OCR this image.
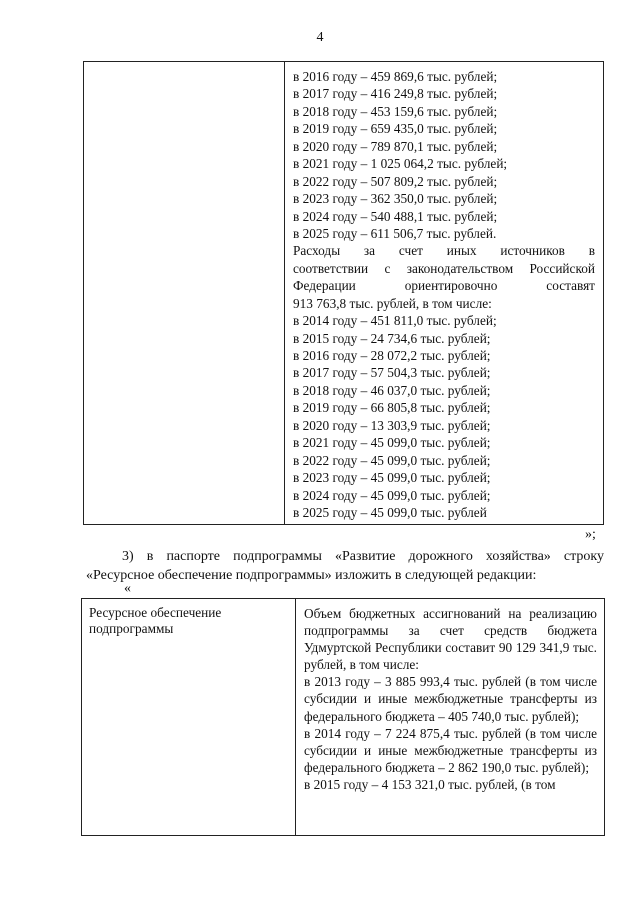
4

в 2016 году – 459 869,6 тыс. рублей;
в 2017 году – 416 249,8 тыс. рублей;
в 2018 году – 453 159,6 тыс. рублей;
в 2019 году – 659 435,0 тыс. рублей;
в 2020 году – 789 870,1 тыс. рублей;
в 2021 году – 1 025 064,2 тыс. рублей;
в 2022 году – 507 809,2 тыс. рублей;
в 2023 году – 362 350,0 тыс. рублей;
в 2024 году – 540 488,1 тыс. рублей;
в 2025 году – 611 506,7 тыс. рублей.
Расходы за счет иных источников в
соответствии с законодательством Российской
Федерации ориентировочно составят
913 763,8 тыс. рублей, в том числе:
в 2014 году – 451 811,0 тыс. рублей;
в 2015 году – 24 734,6 тыс. рублей;
в 2016 году – 28 072,2 тыс. рублей;
в 2017 году – 57 504,3 тыс. рублей;
в 2018 году – 46 037,0 тыс. рублей;
в 2019 году – 66 805,8 тыс. рублей;
в 2020 году – 13 303,9 тыс. рублей;
в 2021 году – 45 099,0 тыс. рублей;
в 2022 году – 45 099,0 тыс. рублей;
в 2023 году – 45 099,0 тыс. рублей;
в 2024 году – 45 099,0 тыс. рублей;
в 2025 году – 45 099,0 тыс. рублей
»;
3) в паспорте подпрограммы «Развитие дорожного хозяйства» строку «Ресурсное обеспечение подпрограммы» изложить в следующей редакции:
«
Ресурсное обеспечение подпрограммы	
Объем бюджетных ассигнований на реализацию подпрограммы за счет средств бюджета Удмуртской Республики составит 90 129 341,9 тыс. рублей, в том числе:
в 2013 году – 3 885 993,4 тыс. рублей (в том числе субсидии и иные межбюджетные трансферты из федерального бюджета – 405 740,0 тыс. рублей);
в 2014 году – 7 224 875,4 тыс. рублей (в том числе субсидии и иные межбюджетные трансферты из федерального бюджета – 2 862 190,0 тыс. рублей);
в 2015 году – 4 153 321,0 тыс. рублей, (в том
